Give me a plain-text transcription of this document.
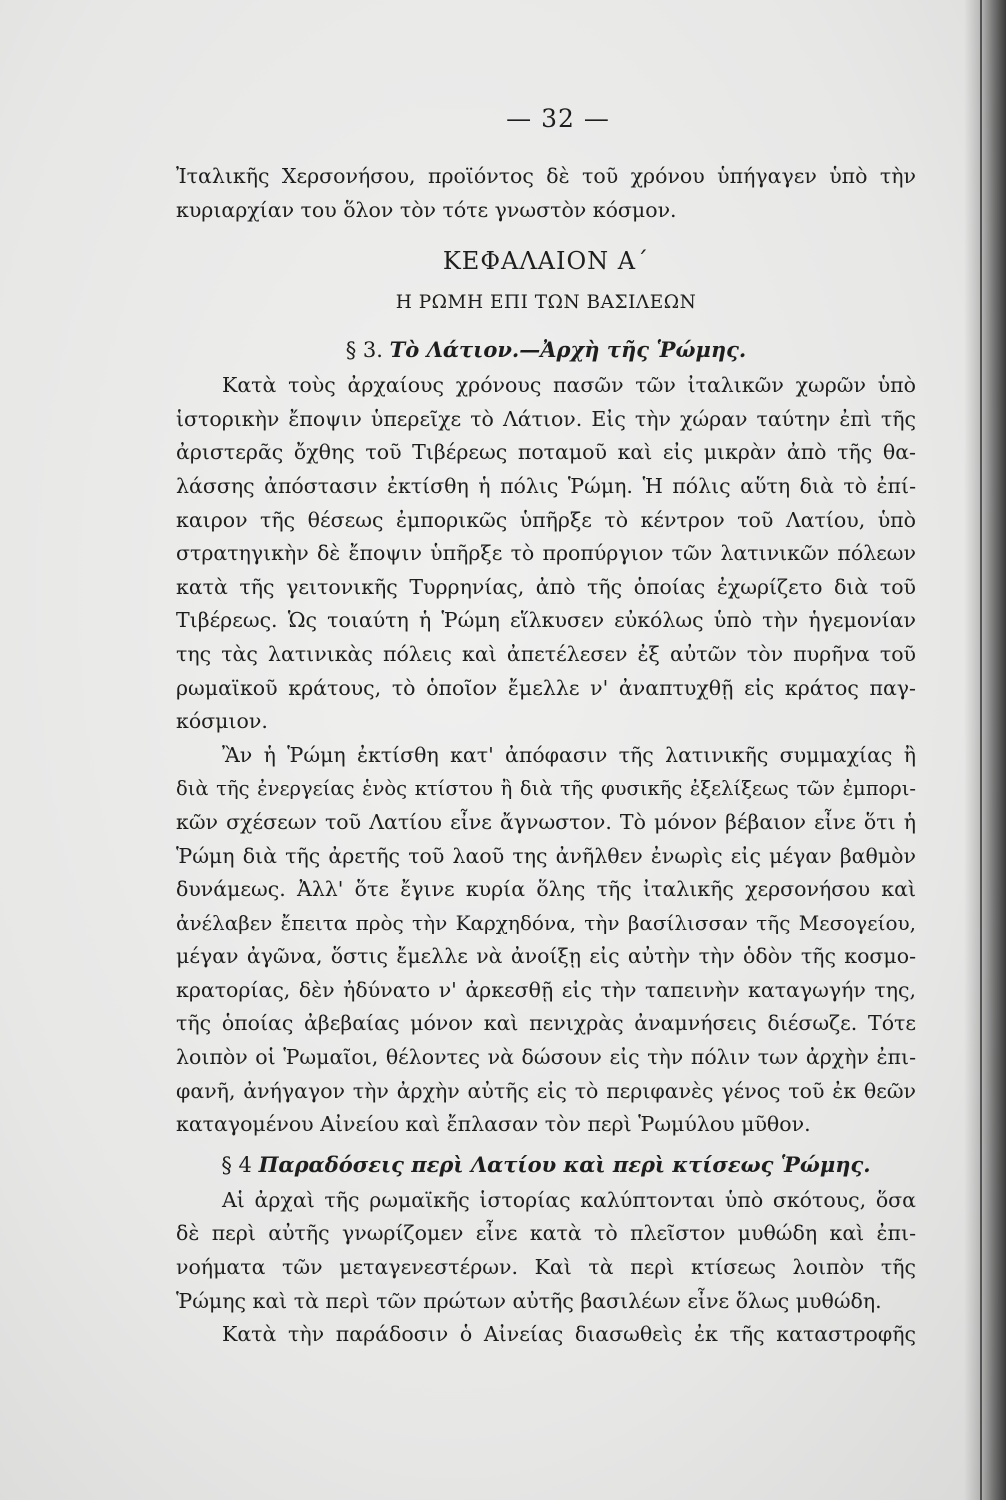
— 32 —
Ἰταλικῆς Χερσονήσου, προϊόντος δὲ τοῦ χρόνου ὑπήγαγεν ὑπὸ τὴν
κυριαρχίαν του ὅλον τὸν τότε γνωστὸν κόσμον.
ΚΕΦΑΛΑΙΟΝ Α΄
Η ΡΩΜΗ ΕΠΙ ΤΩΝ ΒΑΣΙΛΕΩΝ
§ 3. Τὸ Λάτιον.—Ἀρχὴ τῆς Ῥώμης.
Κατὰ τοὺς ἀρχαίους χρόνους πασῶν τῶν ἰταλικῶν χωρῶν ὑπὸ
ἱστορικὴν ἔποψιν ὑπερεῖχε τὸ Λάτιον. Εἰς τὴν χώραν ταύτην ἐπὶ τῆς
ἀριστερᾶς ὄχθης τοῦ Τιβέρεως ποταμοῦ καὶ εἰς μικρὰν ἀπὸ τῆς θα-
λάσσης ἀπόστασιν ἐκτίσθη ἡ πόλις Ῥώμη. Ἡ πόλις αὕτη διὰ τὸ ἐπί-
καιρον τῆς θέσεως ἐμπορικῶς ὑπῆρξε τὸ κέντρον τοῦ Λατίου, ὑπὸ
στρατηγικὴν δὲ ἔποψιν ὑπῆρξε τὸ προπύργιον τῶν λατινικῶν πόλεων
κατὰ τῆς γειτονικῆς Τυρρηνίας, ἀπὸ τῆς ὁποίας ἐχωρίζετο διὰ τοῦ
Τιβέρεως. Ὡς τοιαύτη ἡ Ῥώμη εἵλκυσεν εὐκόλως ὑπὸ τὴν ἡγεμονίαν
της τὰς λατινικὰς πόλεις καὶ ἀπετέλεσεν ἐξ αὐτῶν τὸν πυρῆνα τοῦ
ρωμαϊκοῦ κράτους, τὸ ὁποῖον ἔμελλε ν' ἀναπτυχθῇ εἰς κράτος παγ-
κόσμιον.
Ἂν ἡ Ῥώμη ἐκτίσθη κατ' ἀπόφασιν τῆς λατινικῆς συμμαχίας ἢ
διὰ τῆς ἐνεργείας ἑνὸς κτίστου ἢ διὰ τῆς φυσικῆς ἐξελίξεως τῶν ἐμπορι-
κῶν σχέσεων τοῦ Λατίου εἶνε ἄγνωστον. Τὸ μόνον βέβαιον εἶνε ὅτι ἡ
Ῥώμη διὰ τῆς ἀρετῆς τοῦ λαοῦ της ἀνῆλθεν ἐνωρὶς εἰς μέγαν βαθμὸν
δυνάμεως. Ἀλλ' ὅτε ἔγινε κυρία ὅλης τῆς ἰταλικῆς χερσονήσου καὶ
ἀνέλαβεν ἔπειτα πρὸς τὴν Καρχηδόνα, τὴν βασίλισσαν τῆς Μεσογείου,
μέγαν ἀγῶνα, ὅστις ἔμελλε νὰ ἀνοίξῃ εἰς αὐτὴν τὴν ὁδὸν τῆς κοσμο-
κρατορίας, δὲν ἠδύνατο ν' ἀρκεσθῇ εἰς τὴν ταπεινὴν καταγωγήν της,
τῆς ὁποίας ἀβεβαίας μόνον καὶ πενιχρὰς ἀναμνήσεις διέσωζε. Τότε
λοιπὸν οἱ Ῥωμαῖοι, θέλοντες νὰ δώσουν εἰς τὴν πόλιν των ἀρχὴν ἐπι-
φανῆ, ἀνήγαγον τὴν ἀρχὴν αὐτῆς εἰς τὸ περιφανὲς γένος τοῦ ἐκ θεῶν
καταγομένου Αἰνείου καὶ ἔπλασαν τὸν περὶ Ῥωμύλου μῦθον.
§ 4 Παραδόσεις περὶ Λατίου καὶ περὶ κτίσεως Ῥώμης.
Αἱ ἀρχαὶ τῆς ρωμαϊκῆς ἱστορίας καλύπτονται ὑπὸ σκότους, ὅσα
δὲ περὶ αὐτῆς γνωρίζομεν εἶνε κατὰ τὸ πλεῖστον μυθώδη καὶ ἐπι-
νοήματα τῶν μεταγενεστέρων. Καὶ τὰ περὶ κτίσεως λοιπὸν τῆς
Ῥώμης καὶ τὰ περὶ τῶν πρώτων αὐτῆς βασιλέων εἶνε ὅλως μυθώδη.
Κατὰ τὴν παράδοσιν ὁ Αἰνείας διασωθεὶς ἐκ τῆς καταστροφῆς
